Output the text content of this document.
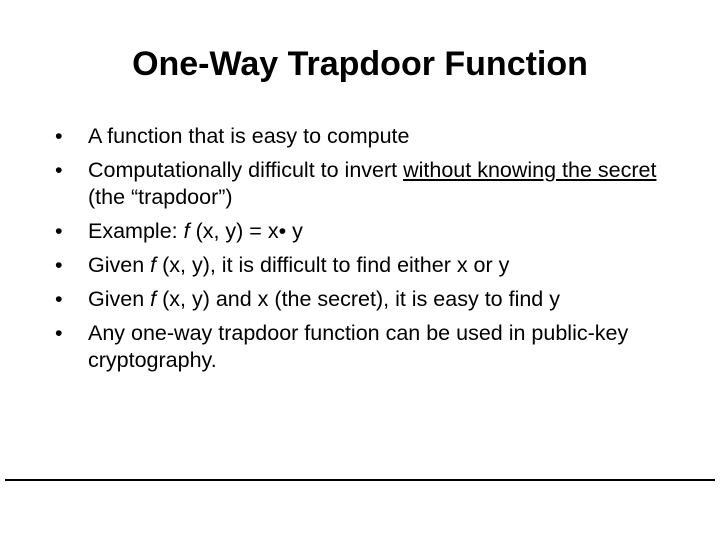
One-Way Trapdoor Function
•	A function that is easy to compute
•	Computationally difficult to invert without knowing the secret (the “trapdoor”)
•	Example: f (x, y) = x• y
•	Given f (x, y), it is difficult to find either x or y
•	Given f (x, y) and x (the secret), it is easy to find y
•	Any one-way trapdoor function can be used in public-key cryptography.
